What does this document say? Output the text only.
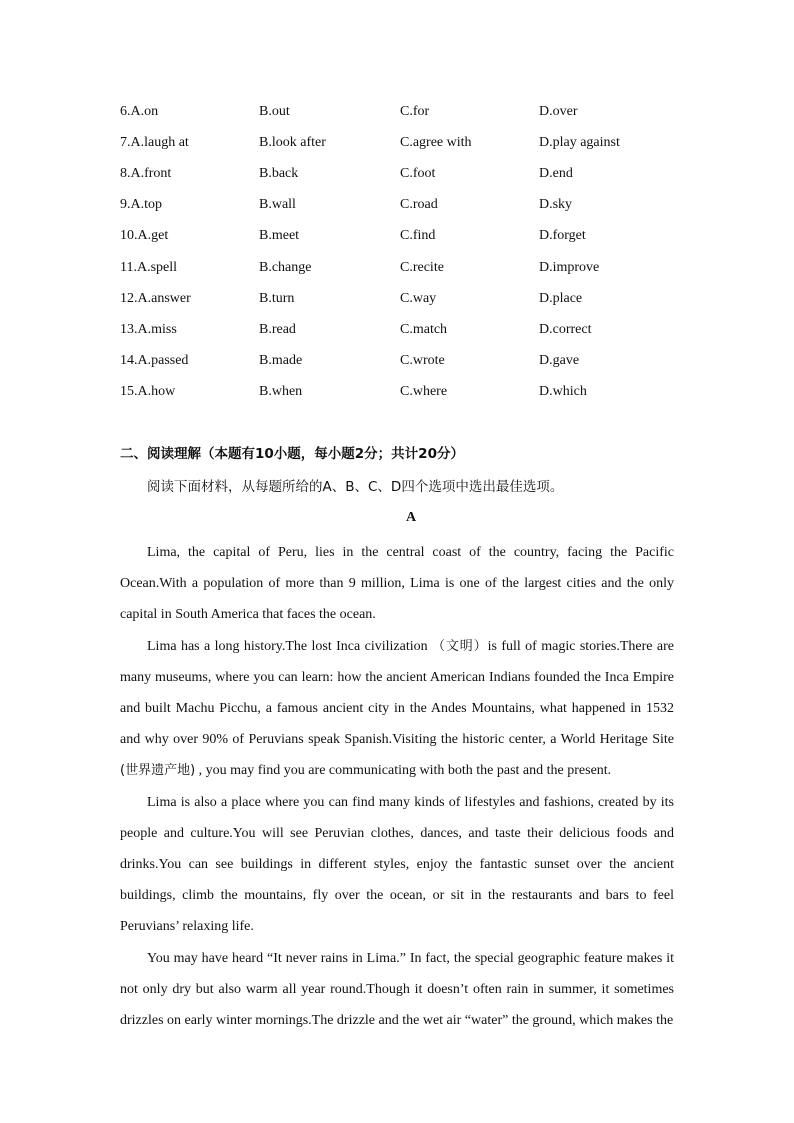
6.A.on	B.out	C.for	D.over
7.A.laugh at	B.look after	C.agree with	D.play against
8.A.front	B.back	C.foot	D.end
9.A.top	B.wall	C.road	D.sky
10.A.get	B.meet	C.find	D.forget
11.A.spell	B.change	C.recite	D.improve
12.A.answer	B.turn	C.way	D.place
13.A.miss	B.read	C.match	D.correct
14.A.passed	B.made	C.wrote	D.gave
15.A.how	B.when	C.where	D.which
二、阅读理解（本题有10小题，每小题2分；共计20分）
阅读下面材料，从每题所给的A、B、C、D四个选项中选出最佳选项。
A

Lima, the capital of Peru, lies in the central coast of the country, facing the Pacific Ocean.With a population of more than 9 million, Lima is one of the largest cities and the only capital in South America that faces the ocean.

Lima has a long history.The lost Inca civilization （文明）is full of magic stories.There are many museums, where you can learn: how the ancient American Indians founded the Inca Empire and built Machu Picchu, a famous ancient city in the Andes Mountains, what happened in 1532 and why over 90% of Peruvians speak Spanish.Visiting the historic center, a World Heritage Site (世界遗产地) , you may find you are communicating with both the past and the present.

Lima is also a place where you can find many kinds of lifestyles and fashions, created by its people and culture.You will see Peruvian clothes, dances, and taste their delicious foods and drinks.You can see buildings in different styles, enjoy the fantastic sunset over the ancient buildings, climb the mountains, fly over the ocean, or sit in the restaurants and bars to feel Peruvians’ relaxing life.

You may have heard “It never rains in Lima.” In fact, the special geographic feature makes it not only dry but also warm all year round.Though it doesn’t often rain in summer, it sometimes drizzles on early winter mornings.The drizzle and the wet air “water” the ground, which makes the
